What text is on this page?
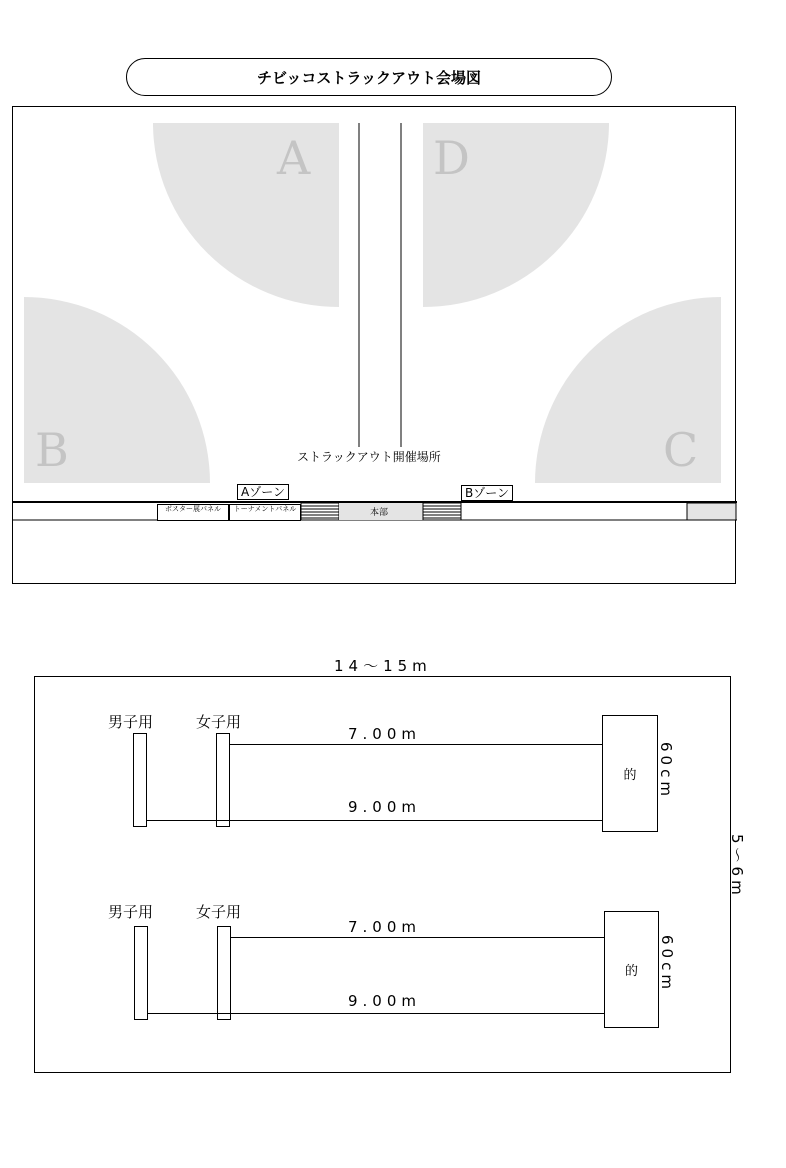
チビッコストラックアウト会場図
A	D
B	C
ストラックアウト開催場所
Aゾーン	Bゾーン
ポスター展パネル	トーナメントパネル	本部
14～15m
5～6m
男子用	女子用
7.00m
9.00m
的 60cm
男子用	女子用
7.00m
9.00m
的 60cm
